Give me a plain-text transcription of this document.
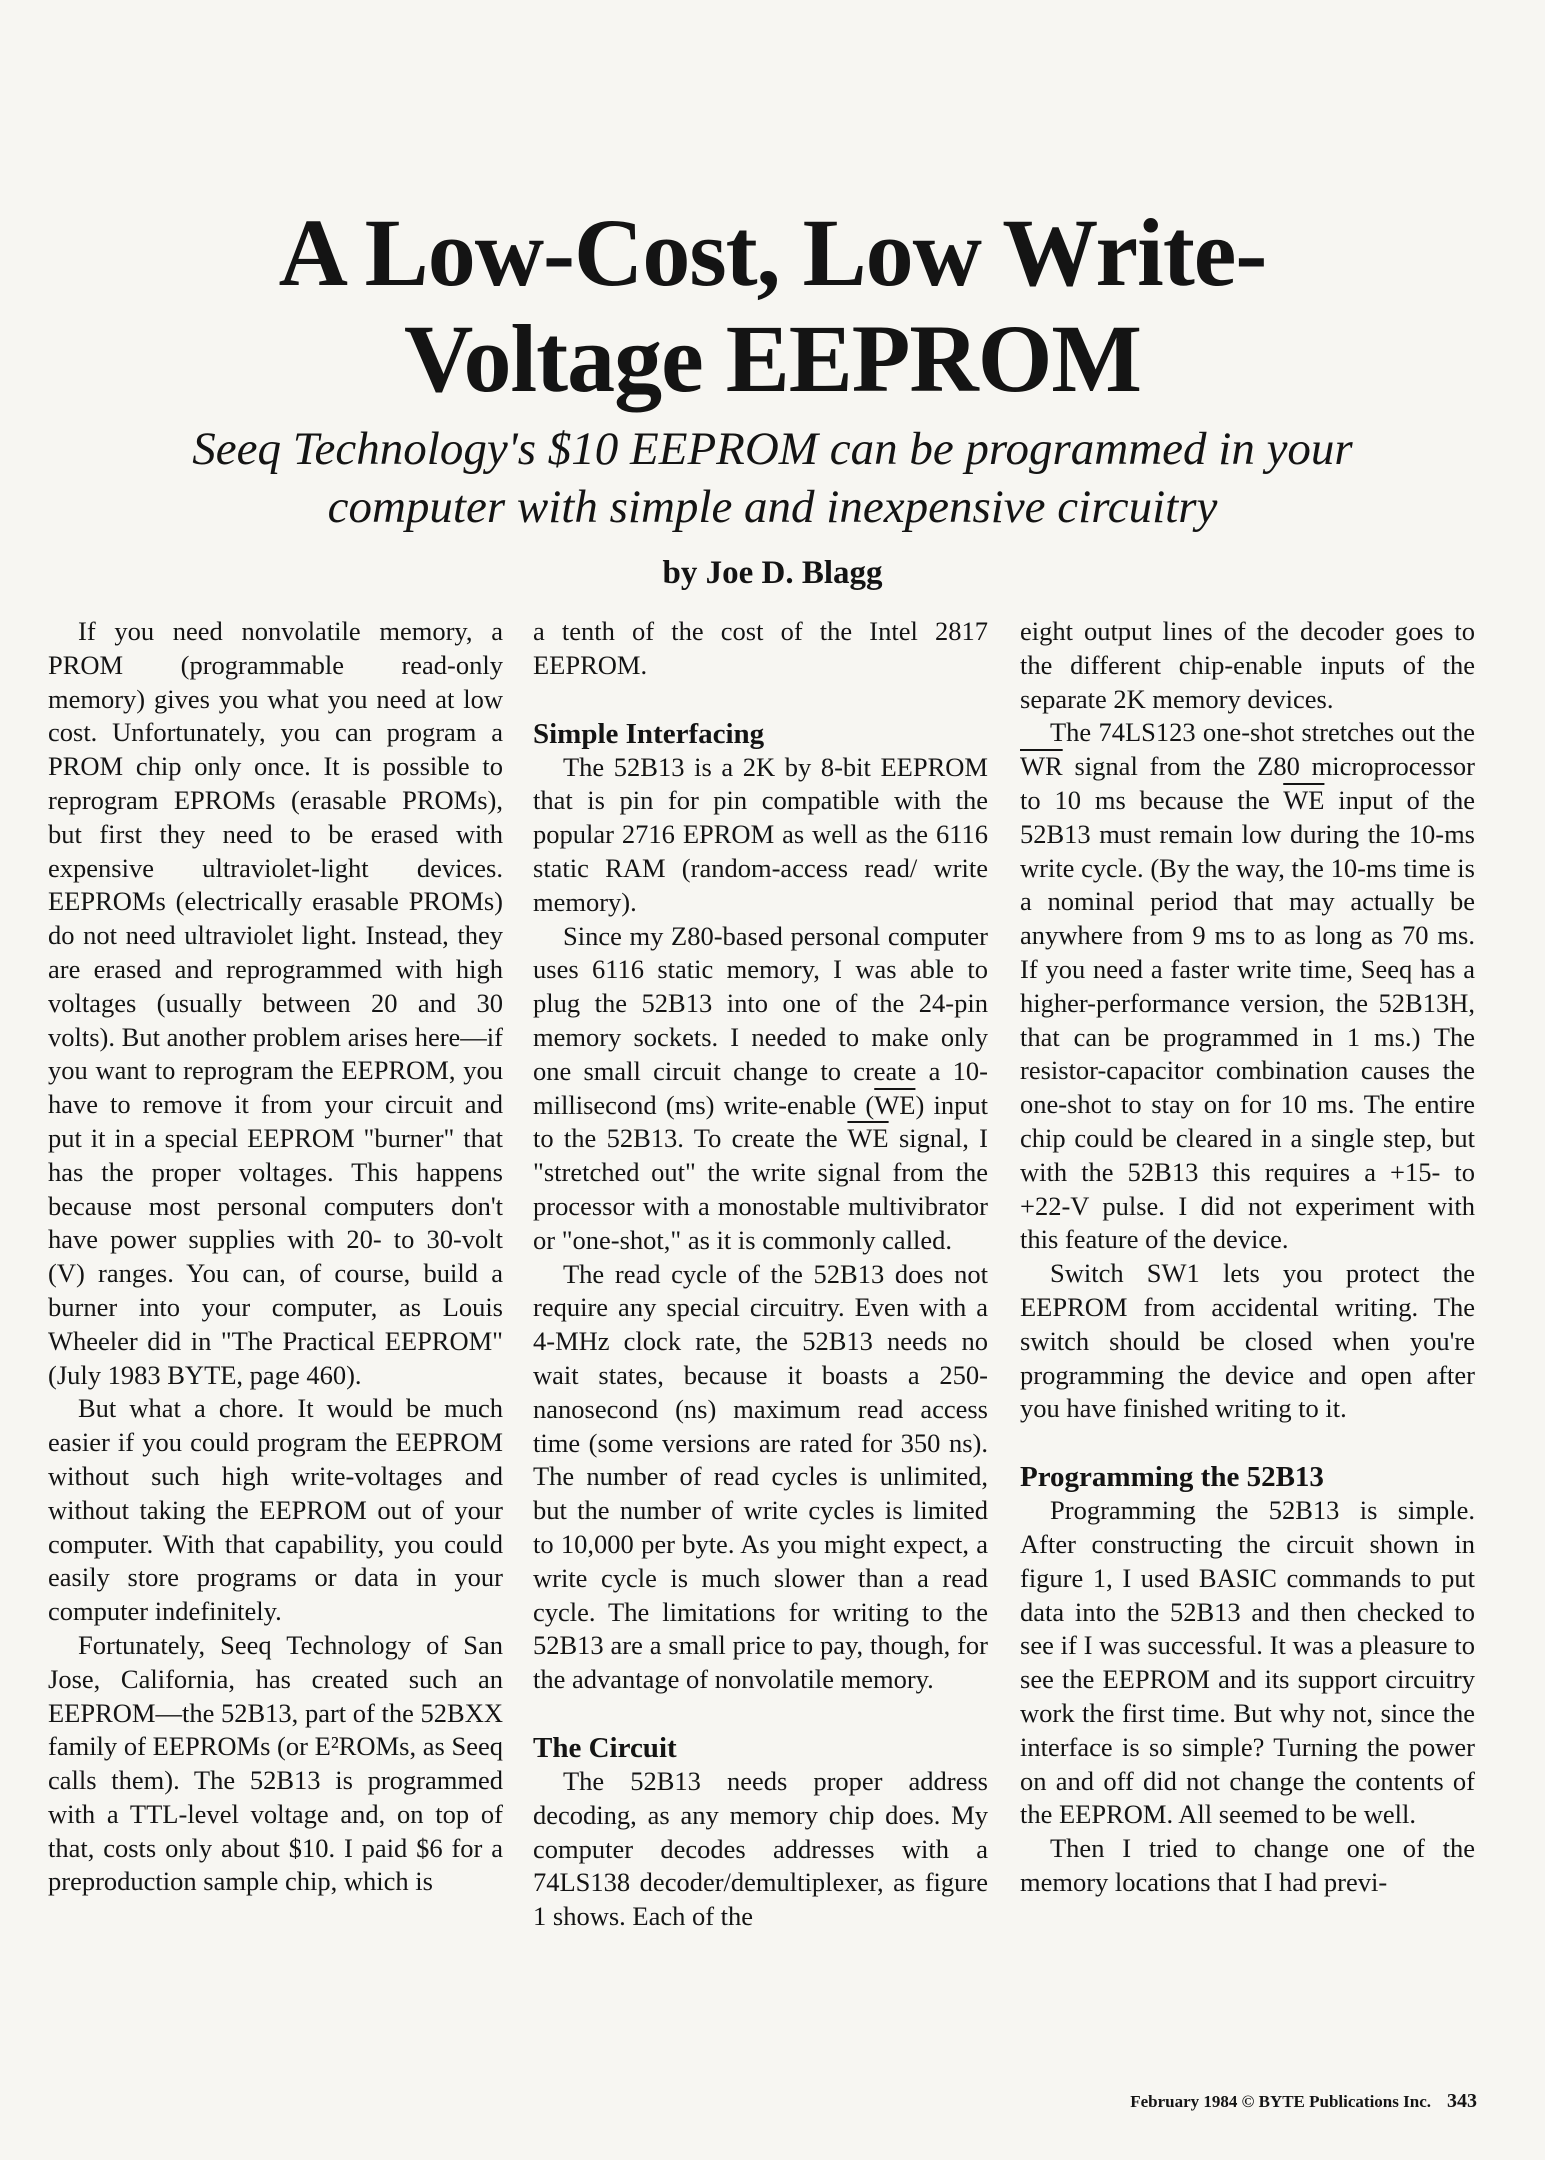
A Low-Cost, Low Write-
Voltage EEPROM
Seeq Technology's $10 EEPROM can be programmed in your
computer with simple and inexpensive circuitry
by Joe D. Blagg

If you need nonvolatile memory, a PROM (programmable read-only memory) gives you what you need at low cost. Unfortunately, you can program a PROM chip only once. It is possible to reprogram EPROMs (erasable PROMs), but first they need to be erased with expensive ultraviolet-light devices. EEPROMs (electrically erasable PROMs) do not need ultraviolet light. Instead, they are erased and reprogrammed with high voltages (usually between 20 and 30 volts). But another problem arises here—if you want to reprogram the EEPROM, you have to remove it from your circuit and put it in a special EEPROM "burner" that has the proper voltages. This happens because most personal computers don't have power supplies with 20- to 30-volt (V) ranges. You can, of course, build a burner into your computer, as Louis Wheeler did in "The Practical EEPROM" (July 1983 BYTE, page 460).

But what a chore. It would be much easier if you could program the EEPROM without such high write-voltages and without taking the EEPROM out of your computer. With that capability, you could easily store programs or data in your computer indefinitely.

Fortunately, Seeq Technology of San Jose, California, has created such an EEPROM—the 52B13, part of the 52BXX family of EEPROMs (or E²ROMs, as Seeq calls them). The 52B13 is programmed with a TTL-level voltage and, on top of that, costs only about $10. I paid $6 for a preproduction sample chip, which is

a tenth of the cost of the Intel 2817 EEPROM.

Simple Interfacing

The 52B13 is a 2K by 8-bit EEPROM that is pin for pin compatible with the popular 2716 EPROM as well as the 6116 static RAM (random-access read/ write memory).

Since my Z80-based personal computer uses 6116 static memory, I was able to plug the 52B13 into one of the 24-pin memory sockets. I needed to make only one small circuit change to create a 10-millisecond (ms) write-enable $(\overline{WE})$ input to the 52B13. To create the $\overline{WE}$ signal, I "stretched out" the write signal from the processor with a monostable multivibrator or "one-shot," as it is commonly called.

The read cycle of the 52B13 does not require any special circuitry. Even with a 4-MHz clock rate, the 52B13 needs no wait states, because it boasts a 250-nanosecond (ns) maximum read access time (some versions are rated for 350 ns). The number of read cycles is unlimited, but the number of write cycles is limited to 10,000 per byte. As you might expect, a write cycle is much slower than a read cycle. The limitations for writing to the 52B13 are a small price to pay, though, for the advantage of nonvolatile memory.

The Circuit

The 52B13 needs proper address decoding, as any memory chip does. My computer decodes addresses with a 74LS138 decoder/demultiplexer, as figure 1 shows. Each of the

eight output lines of the decoder goes to the different chip-enable inputs of the separate 2K memory devices.

The 74LS123 one-shot stretches out the $\overline{WR}$ signal from the Z80 microprocessor to 10 ms because the $\overline{WE}$ input of the 52B13 must remain low during the 10-ms write cycle. (By the way, the 10-ms time is a nominal period that may actually be anywhere from 9 ms to as long as 70 ms. If you need a faster write time, Seeq has a higher-performance version, the 52B13H, that can be programmed in 1 ms.) The resistor-capacitor combination causes the one-shot to stay on for 10 ms. The entire chip could be cleared in a single step, but with the 52B13 this requires a +15- to +22-V pulse. I did not experiment with this feature of the device.

Switch SW1 lets you protect the EEPROM from accidental writing. The switch should be closed when you're programming the device and open after you have finished writing to it.

Programming the 52B13

Programming the 52B13 is simple. After constructing the circuit shown in figure 1, I used BASIC commands to put data into the 52B13 and then checked to see if I was successful. It was a pleasure to see the EEPROM and its support circuitry work the first time. But why not, since the interface is so simple? Turning the power on and off did not change the contents of the EEPROM. All seemed to be well.

Then I tried to change one of the memory locations that I had previ-

February 1984 © BYTE Publications Inc. 343
